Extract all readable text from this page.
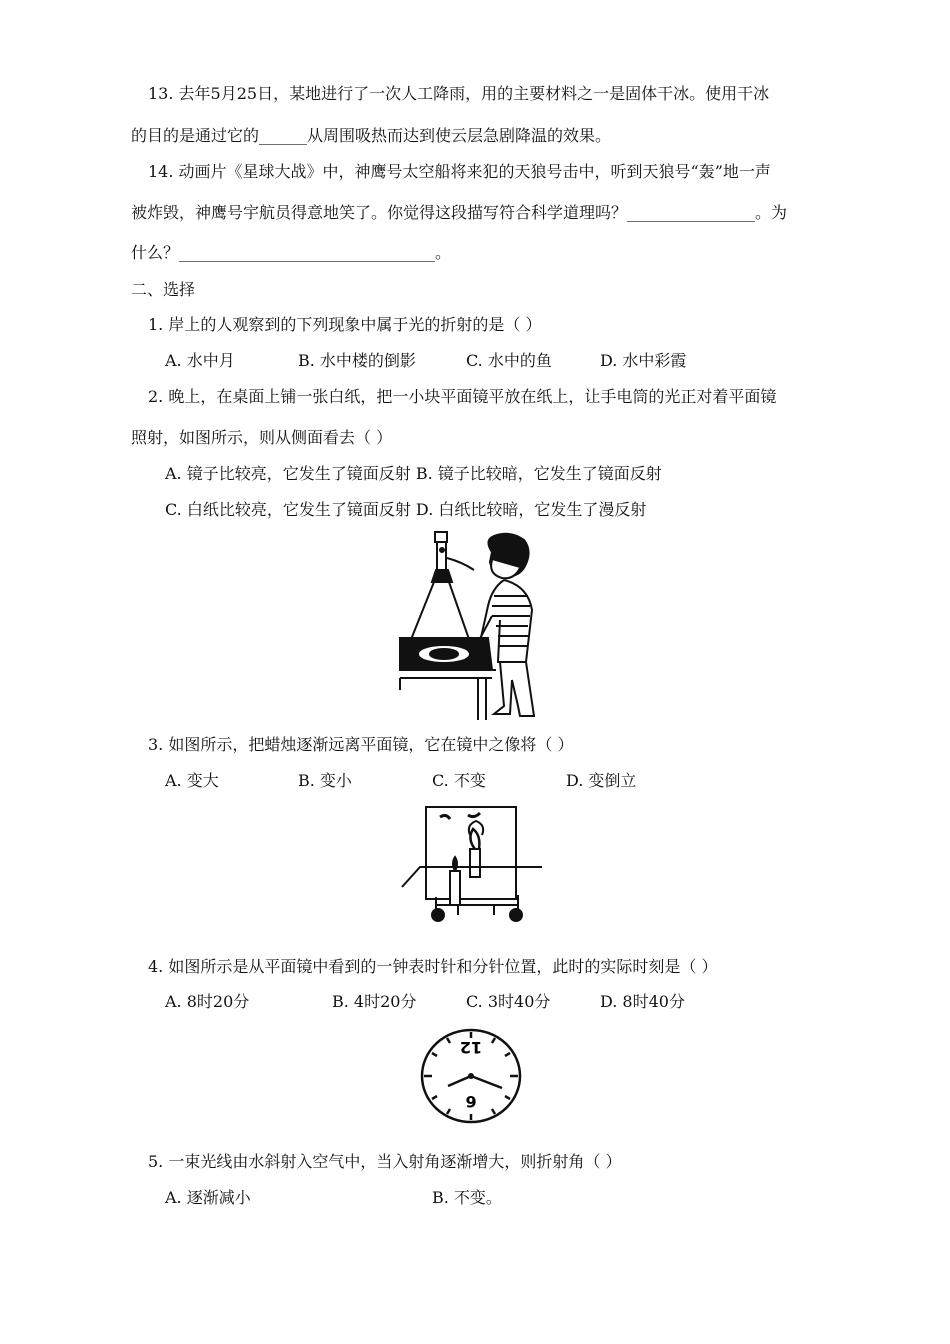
13. 去年5月25日，某地进行了一次人工降雨，用的主要材料之一是固体干冰。使用干冰
的目的是通过它的______从周围吸热而达到使云层急剧降温的效果。
14. 动画片《星球大战》中，神鹰号太空船将来犯的天狼号击中，听到天狼号“轰”地一声
被炸毁，神鹰号宇航员得意地笑了。你觉得这段描写符合科学道理吗？________________。为
什么？________________________________。
二、选择
1. 岸上的人观察到的下列现象中属于光的折射的是（ ）
A. 水中月	B. 水中楼的倒影	C. 水中的鱼	D. 水中彩霞
2. 晚上，在桌面上铺一张白纸，把一小块平面镜平放在纸上，让手电筒的光正对着平面镜
照射，如图所示，则从侧面看去（ ）
A. 镜子比较亮，它发生了镜面反射 B. 镜子比较暗，它发生了镜面反射
C. 白纸比较亮，它发生了镜面反射 D. 白纸比较暗，它发生了漫反射
3. 如图所示，把蜡烛逐渐远离平面镜，它在镜中之像将（ ）
A. 变大	B. 变小	C. 不变	D. 变倒立
4. 如图所示是从平面镜中看到的一钟表时针和分针位置，此时的实际时刻是（ ）
A. 8时20分	B. 4时20分	C. 3时40分	D. 8时40分
12
6
5. 一束光线由水斜射入空气中，当入射角逐渐增大，则折射角（ ）
A. 逐渐减小	B. 不变。
